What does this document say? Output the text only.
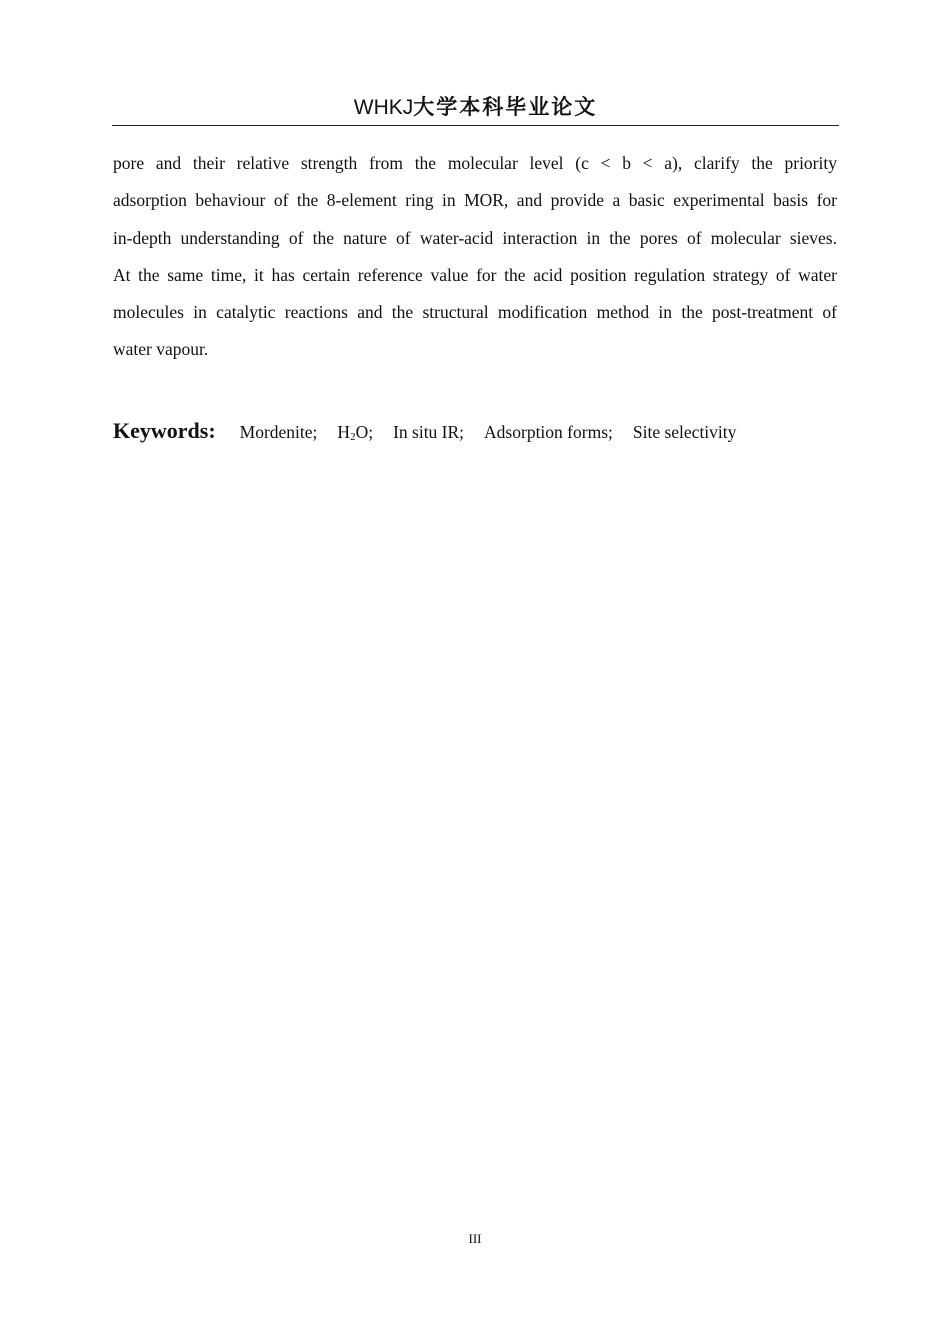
WHKJ大学本科毕业论文
pore and their relative strength from the molecular level (c < b < a), clarify the priority
adsorption behaviour of the 8-element ring in MOR, and provide a basic experimental basis for
in-depth understanding of the nature of water-acid interaction in the pores of molecular sieves.
At the same time, it has certain reference value for the acid position regulation strategy of water
molecules in catalytic reactions and the structural modification method in the post-treatment of
water vapour.
Keywords: Mordenite; $H_2O$; In situ IR; Adsorption forms; Site selectivity
III
